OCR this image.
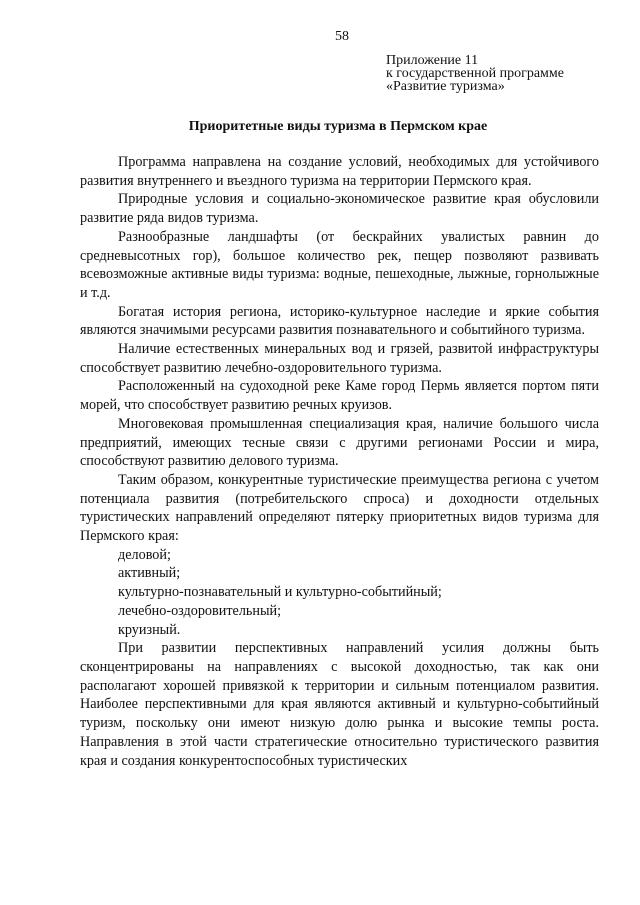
58
Приложение 11
к государственной программе
«Развитие туризма»
Приоритетные виды туризма в Пермском крае

Программа направлена на создание условий, необходимых для устойчивого развития внутреннего и въездного туризма на территории Пермского края.

Природные условия и социально-экономическое развитие края обусловили развитие ряда видов туризма.

Разнообразные ландшафты (от бескрайних увалистых равнин до средневысотных гор), большое количество рек, пещер позволяют развивать всевозможные активные виды туризма: водные, пешеходные, лыжные, горнолыжные и т.д.

Богатая история региона, историко-культурное наследие и яркие события являются значимыми ресурсами развития познавательного и событийного туризма.

Наличие естественных минеральных вод и грязей, развитой инфраструктуры способствует развитию лечебно-оздоровительного туризма.

Расположенный на судоходной реке Каме город Пермь является портом пяти морей, что способствует развитию речных круизов.

Многовековая промышленная специализация края, наличие большого числа предприятий, имеющих тесные связи с другими регионами России и мира, способствуют развитию делового туризма.

Таким образом, конкурентные туристические преимущества региона с учетом потенциала развития (потребительского спроса) и доходности отдельных туристических направлений определяют пятерку приоритетных видов туризма для Пермского края:

деловой;

активный;

культурно-познавательный и культурно-событийный;

лечебно-оздоровительный;

круизный.

При развитии перспективных направлений усилия должны быть сконцентрированы на направлениях с высокой доходностью, так как они располагают хорошей привязкой к территории и сильным потенциалом развития. Наиболее перспективными для края являются активный и культурно-событийный туризм, поскольку они имеют низкую долю рынка и высокие темпы роста. Направления в этой части стратегические относительно туристического развития края и создания конкурентоспособных туристических
